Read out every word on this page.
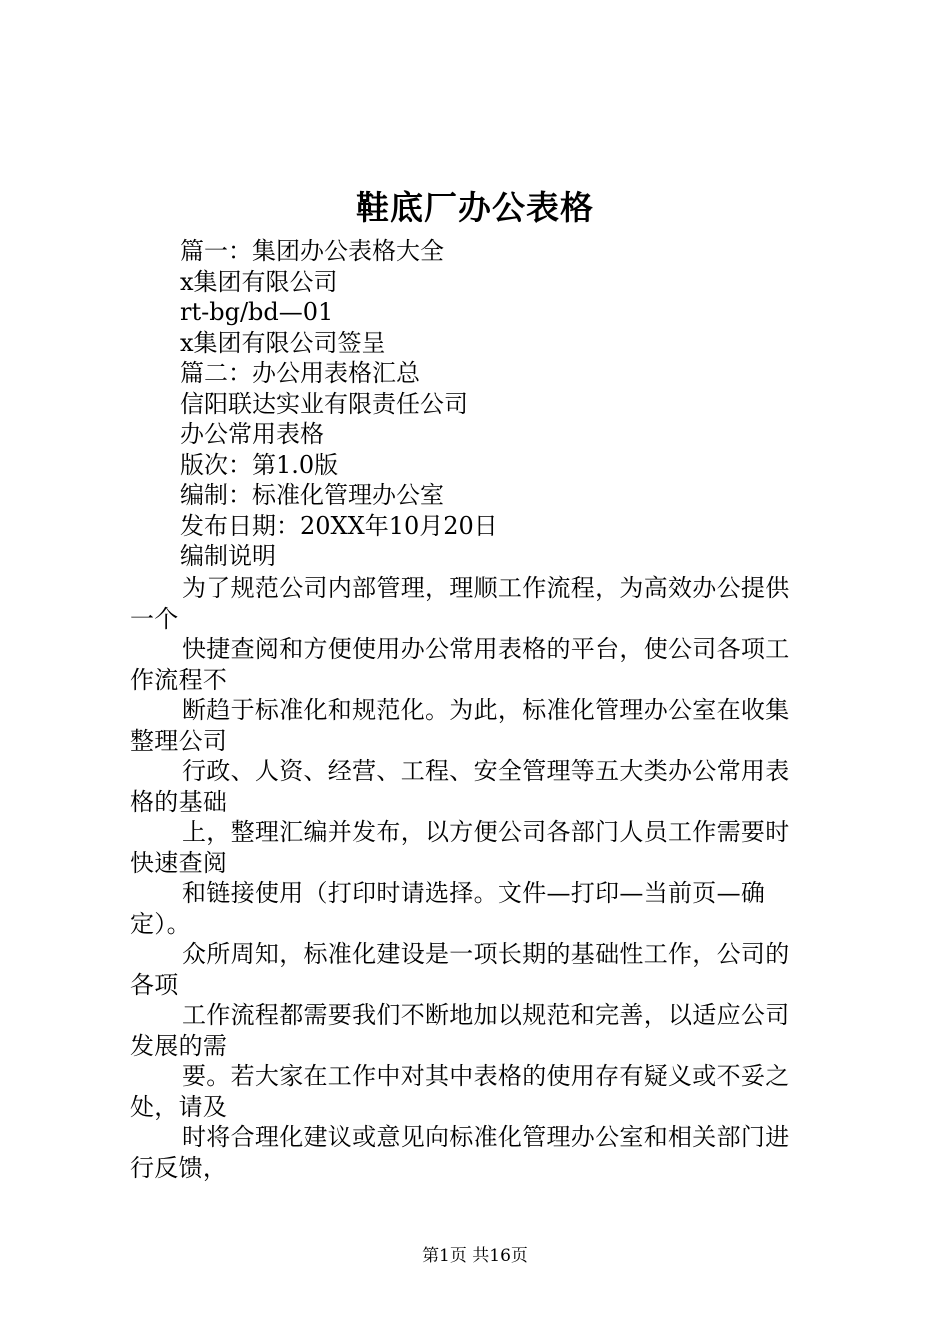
鞋底厂办公表格
篇一：集团办公表格大全
x集团有限公司
rt-bg/bd—01
x集团有限公司签呈
篇二：办公用表格汇总
信阳联达实业有限责任公司
办公常用表格
版次：第1.0版
编制：标准化管理办公室
发布日期：20XX年10月20日
编制说明
为了规范公司内部管理，理顺工作流程，为高效办公提供
一个
快捷查阅和方便使用办公常用表格的平台，使公司各项工
作流程不
断趋于标准化和规范化。为此，标准化管理办公室在收集
整理公司
行政、人资、经营、工程、安全管理等五大类办公常用表
格的基础
上，整理汇编并发布，以方便公司各部门人员工作需要时
快速查阅
和链接使用（打印时请选择。文件—打印—当前页—确
定）。
众所周知，标准化建设是一项长期的基础性工作，公司的
各项
工作流程都需要我们不断地加以规范和完善，以适应公司
发展的需
要。若大家在工作中对其中表格的使用存有疑义或不妥之
处，请及
时将合理化建议或意见向标准化管理办公室和相关部门进
行反馈，
第1页 共16页
